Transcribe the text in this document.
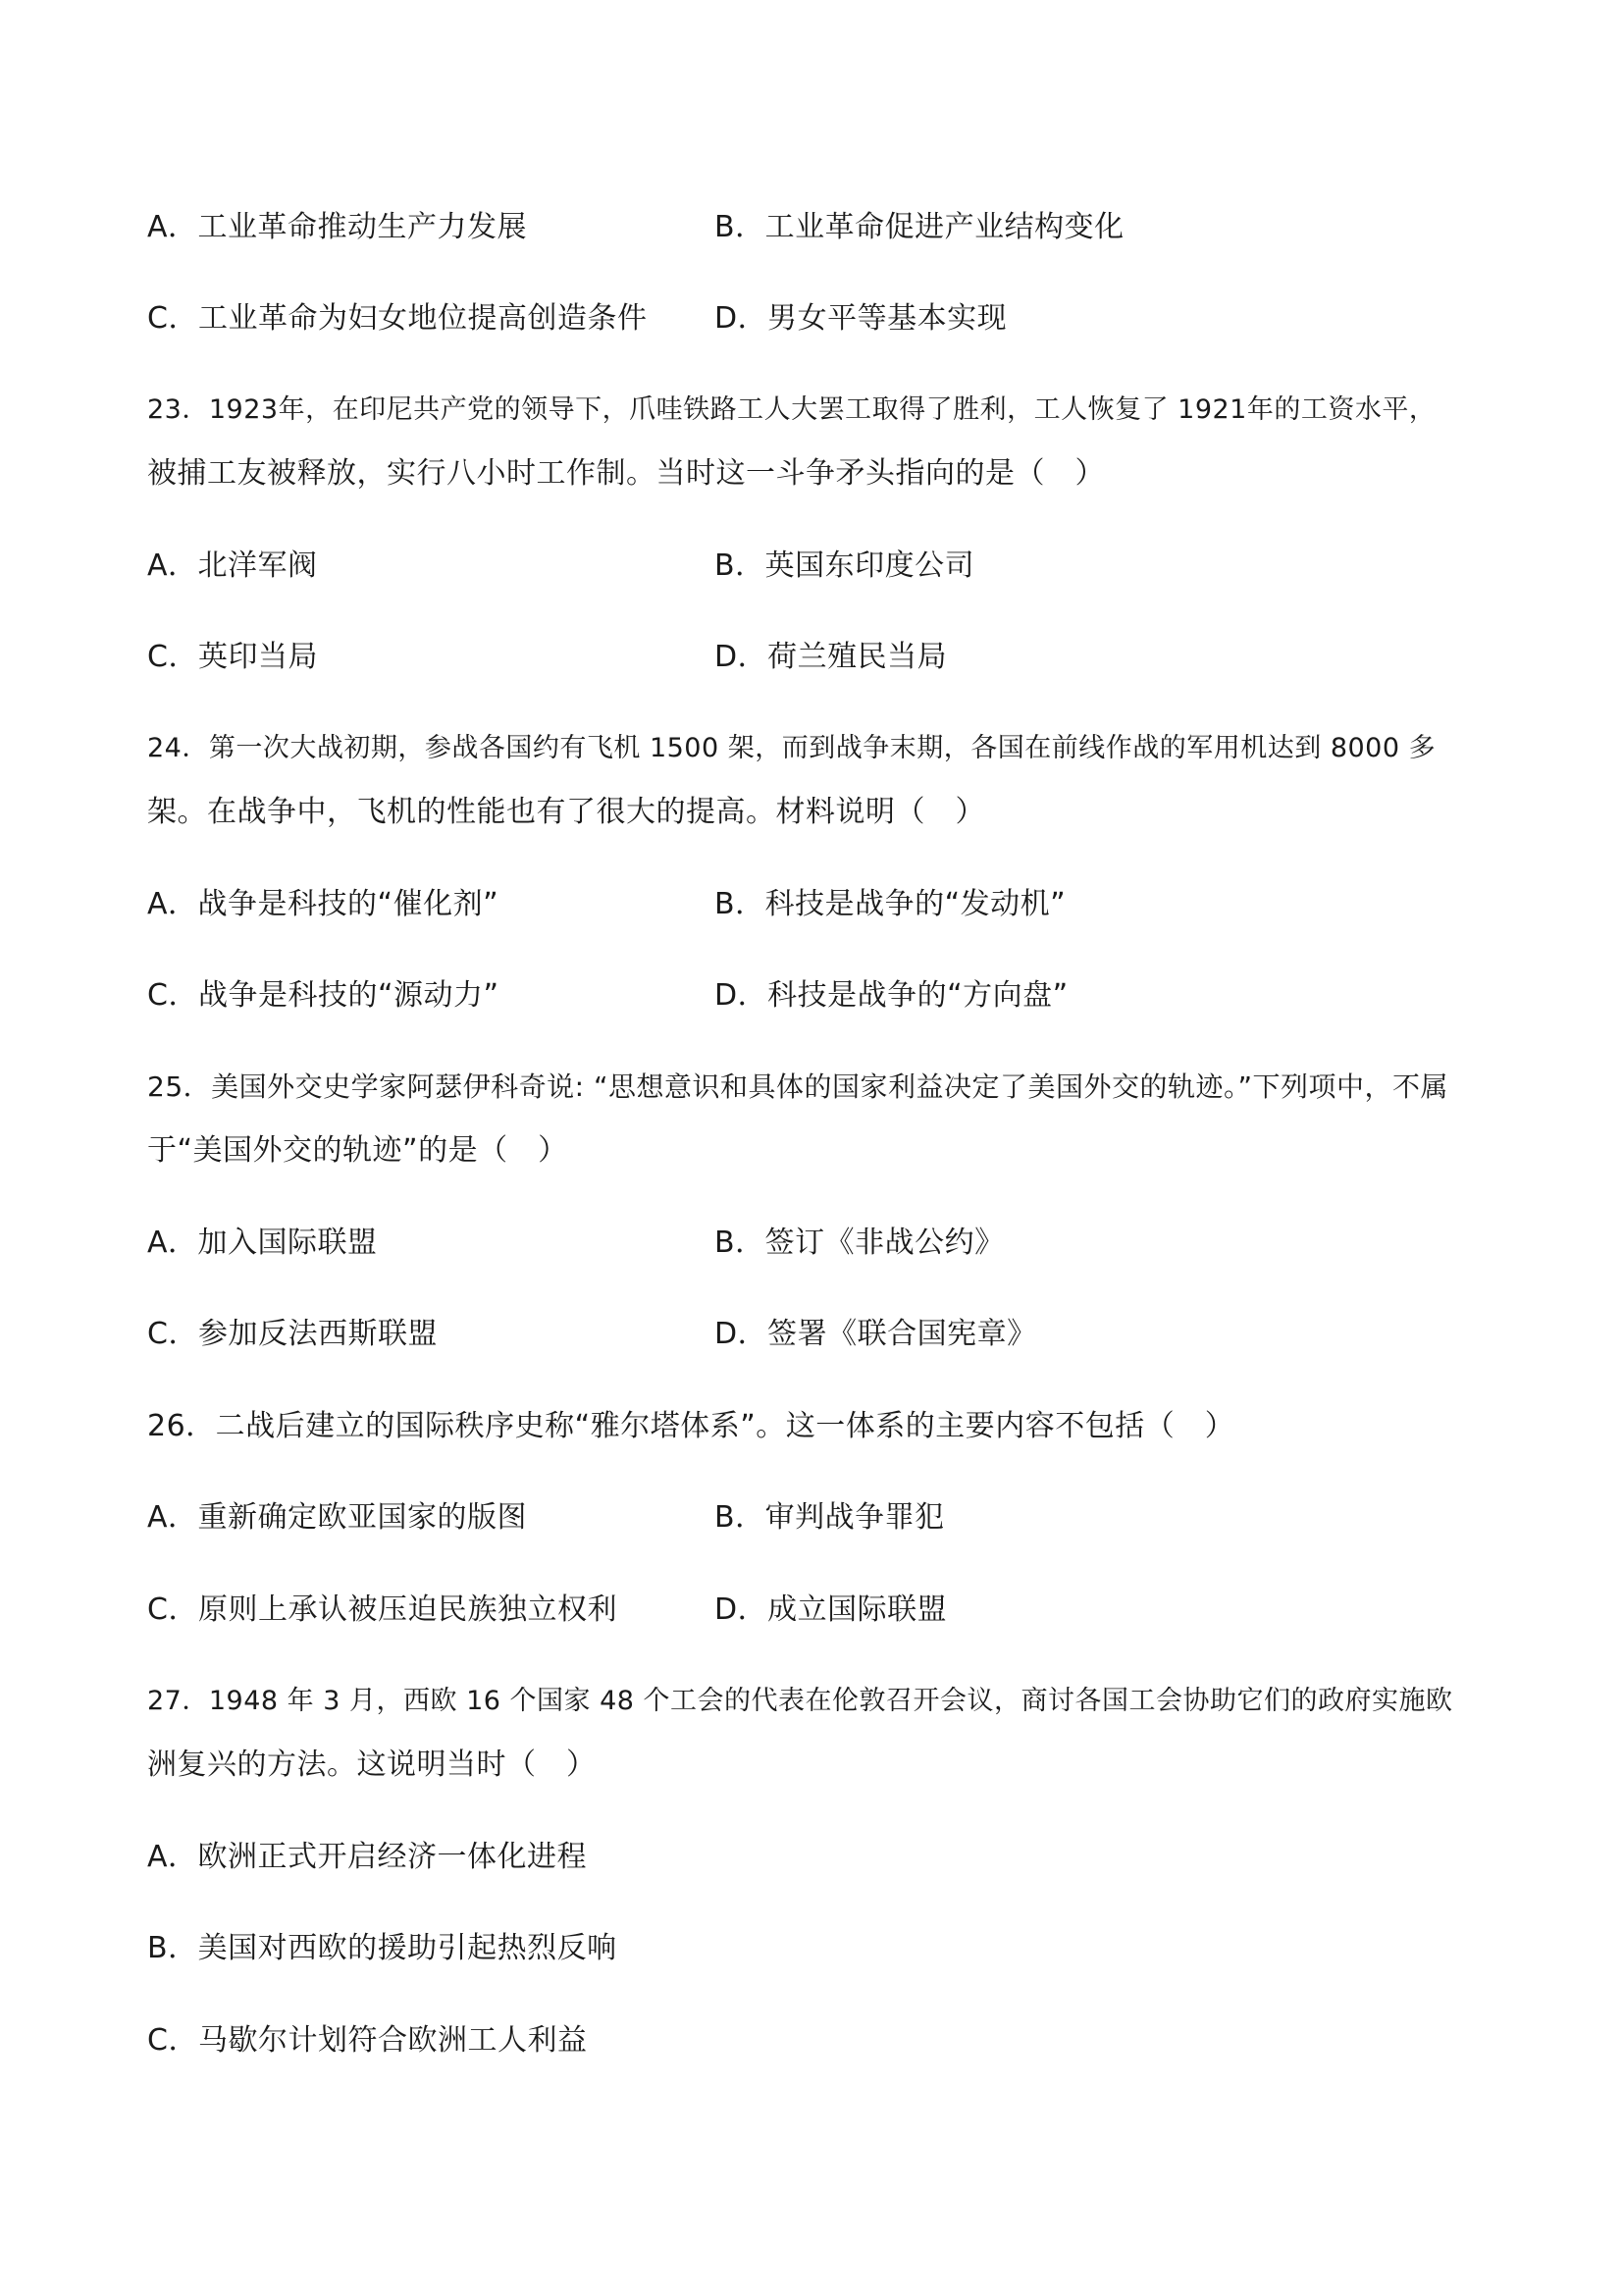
A．工业革命推动生产力发展	B．工业革命促进产业结构变化
C．工业革命为妇女地位提高创造条件 D．男女平等基本实现
23．1923年，在印尼共产党的领导下，爪哇铁路工人大罢工取得了胜利，工人恢复了 1921年的工资水平，
被捕工友被释放，实行八小时工作制。当时这一斗争矛头指向的是（　）
A．北洋军阀	B．英国东印度公司
C．英印当局	D．荷兰殖民当局
24．第一次大战初期，参战各国约有飞机 1500 架，而到战争末期，各国在前线作战的军用机达到 8000 多
架。在战争中，飞机的性能也有了很大的提高。材料说明（　）
A．战争是科技的“催化剂”	B．科技是战争的“发动机”
C．战争是科技的“源动力”	D．科技是战争的“方向盘”
25．美国外交史学家阿瑟伊科奇说: “思想意识和具体的国家利益决定了美国外交的轨迹。”下列项中，不属
于“美国外交的轨迹”的是（　）
A．加入国际联盟	B．签订《非战公约》
C．参加反法西斯联盟	D．签署《联合国宪章》
26．二战后建立的国际秩序史称“雅尔塔体系”。这一体系的主要内容不包括（　）
A．重新确定欧亚国家的版图	B．审判战争罪犯
C．原则上承认被压迫民族独立权利	D．成立国际联盟
27．1948 年 3 月，西欧 16 个国家 48 个工会的代表在伦敦召开会议，商讨各国工会协助它们的政府实施欧
洲复兴的方法。这说明当时（　）
A．欧洲正式开启经济一体化进程
B．美国对西欧的援助引起热烈反响
C．马歇尔计划符合欧洲工人利益
